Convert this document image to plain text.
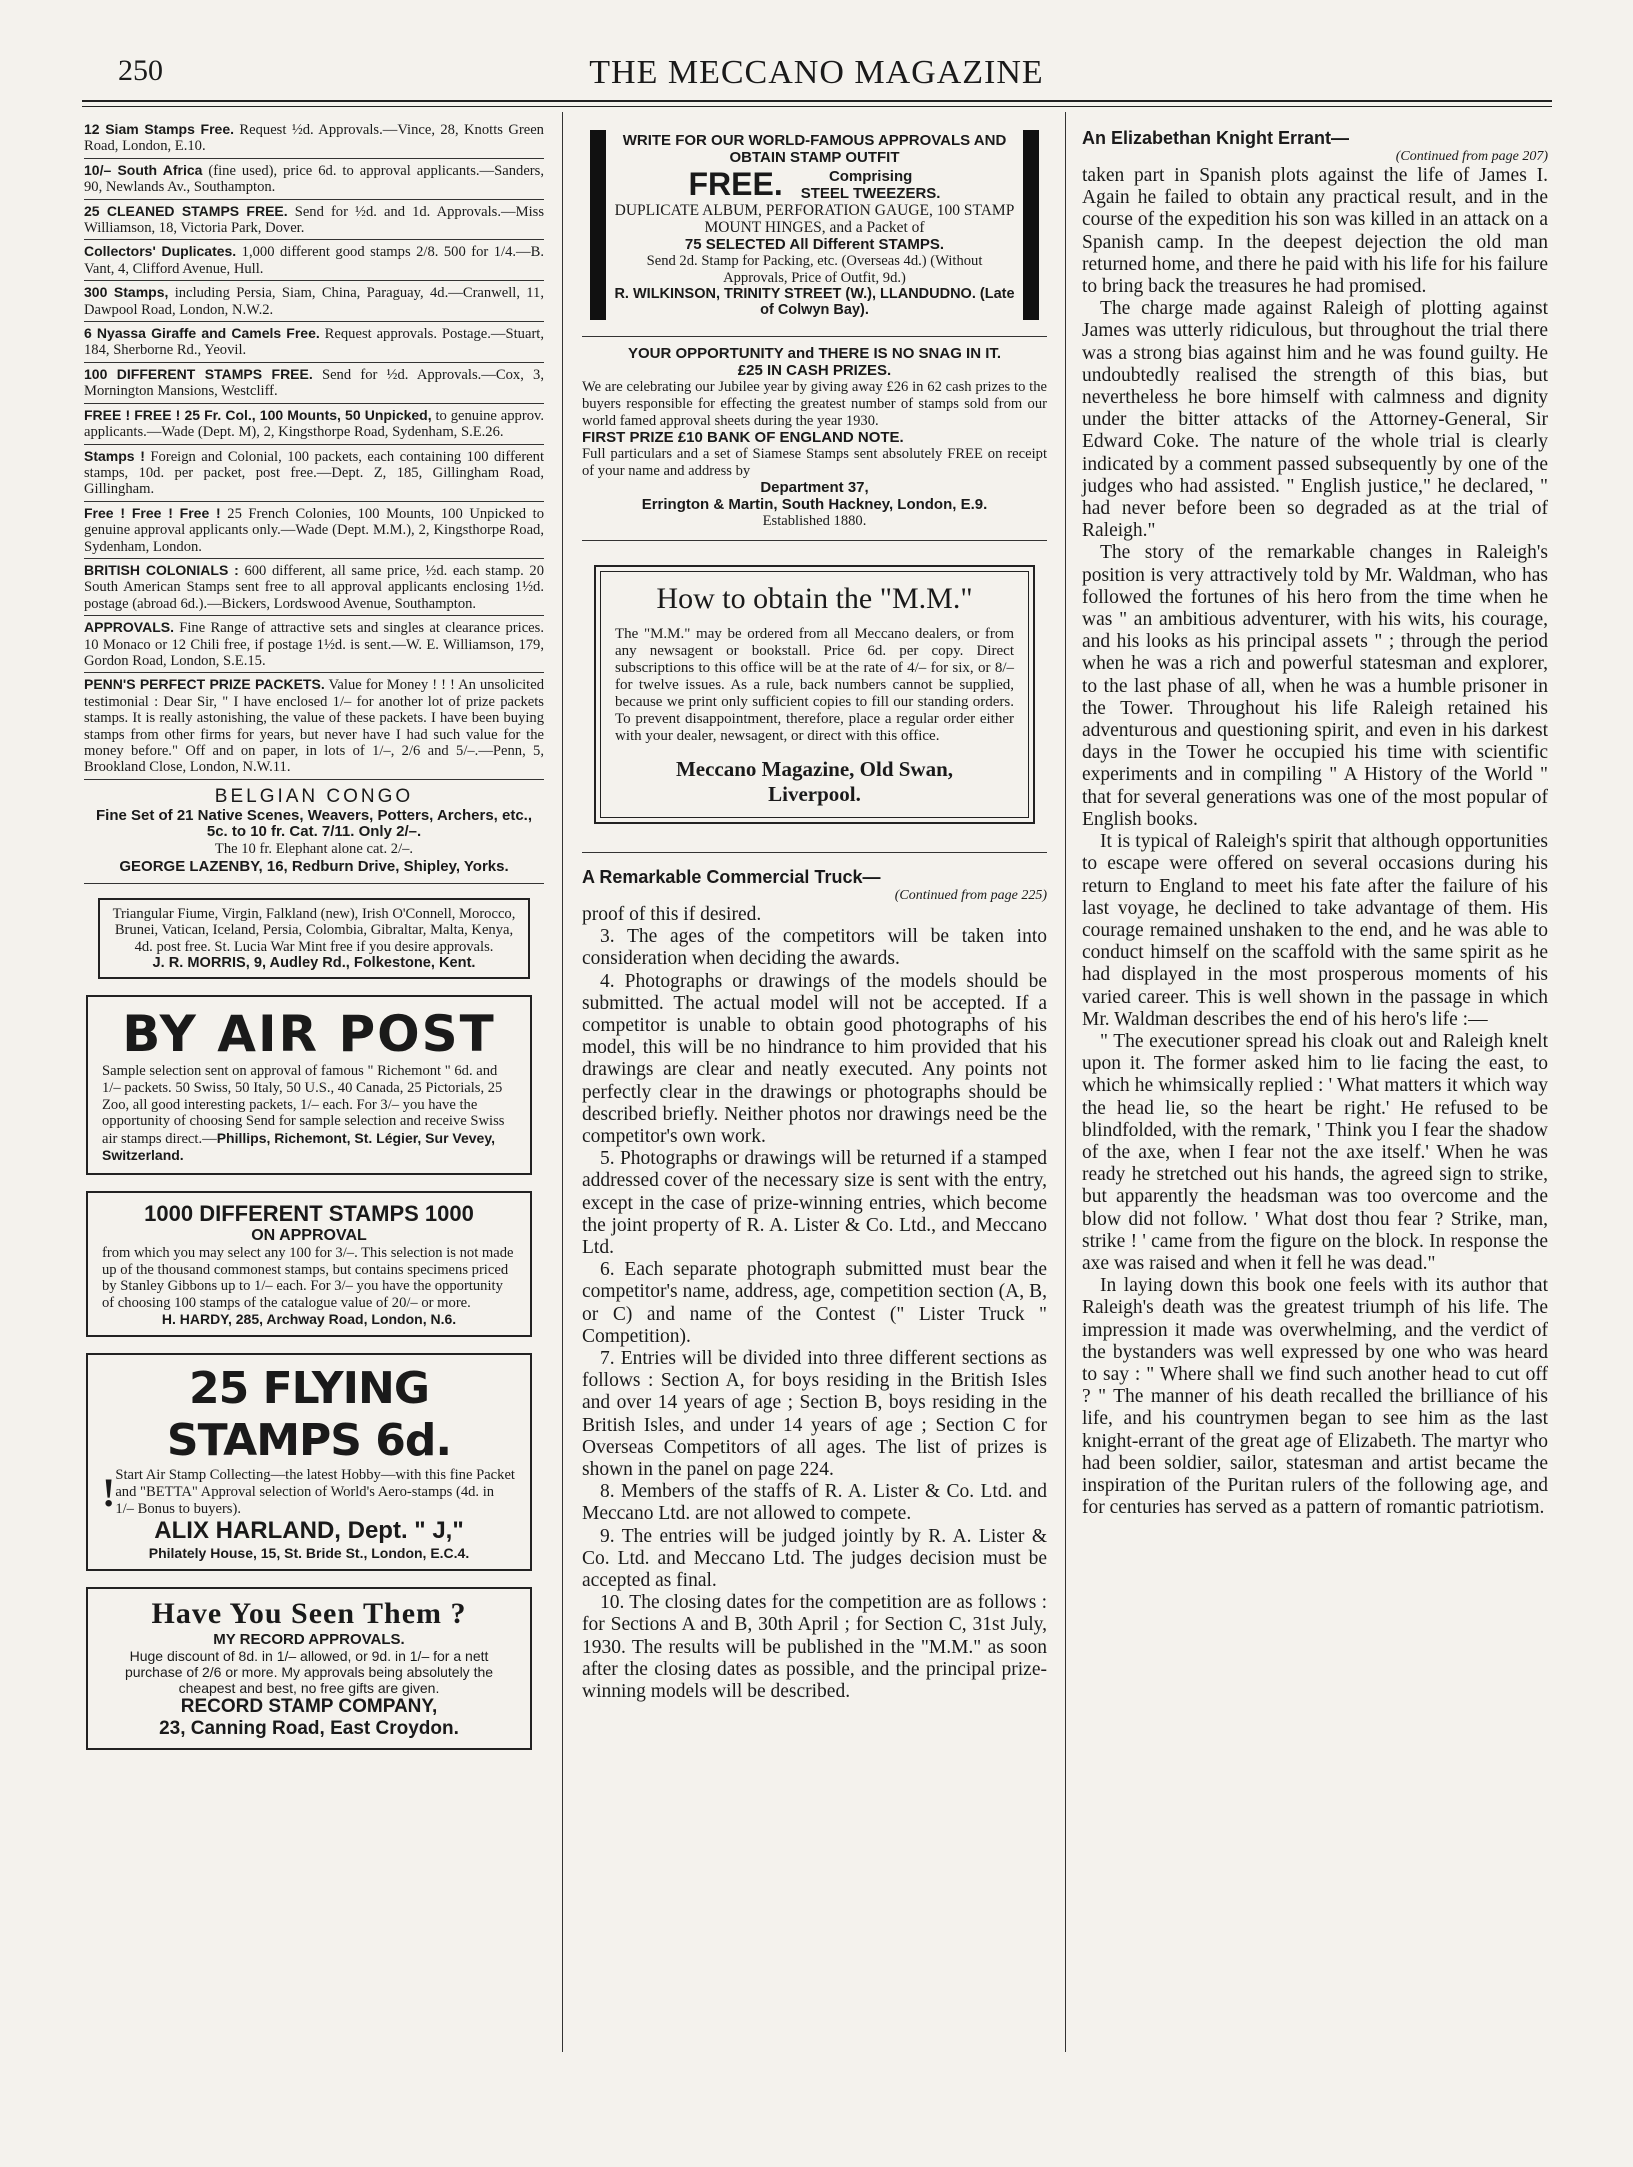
250	THE MECCANO MAGAZINE
12 Siam Stamps Free. Request ½d. Approvals.—Vince, 28, Knotts Green Road, London, E.10.
10/– South Africa (fine used), price 6d. to approval applicants.—Sanders, 90, Newlands Av., Southampton.
25 CLEANED STAMPS FREE. Send for ½d. and 1d. Approvals.—Miss Williamson, 18, Victoria Park, Dover.
Collectors' Duplicates. 1,000 different good stamps 2/8. 500 for 1/4.—B. Vant, 4, Clifford Avenue, Hull.
300 Stamps, including Persia, Siam, China, Paraguay, 4d.—Cranwell, 11, Dawpool Road, London, N.W.2.
6 Nyassa Giraffe and Camels Free. Request approvals. Postage.—Stuart, 184, Sherborne Rd., Yeovil.
100 DIFFERENT STAMPS FREE. Send for ½d. Approvals.—Cox, 3, Mornington Mansions, Westcliff.
FREE ! FREE ! 25 Fr. Col., 100 Mounts, 50 Unpicked, to genuine approv. applicants.—Wade (Dept. M), 2, Kingsthorpe Road, Sydenham, S.E.26.
Stamps ! Foreign and Colonial, 100 packets, each containing 100 different stamps, 10d. per packet, post free.—Dept. Z, 185, Gillingham Road, Gillingham.
Free ! Free ! Free ! 25 French Colonies, 100 Mounts, 100 Unpicked to genuine approval applicants only.—Wade (Dept. M.M.), 2, Kingsthorpe Road, Sydenham, London.
BRITISH COLONIALS : 600 different, all same price, ½d. each stamp. 20 South American Stamps sent free to all approval applicants enclosing 1½d. postage (abroad 6d.).—Bickers, Lordswood Avenue, Southampton.
APPROVALS. Fine Range of attractive sets and singles at clearance prices. 10 Monaco or 12 Chili free, if postage 1½d. is sent.—W. E. Williamson, 179, Gordon Road, London, S.E.15.
PENN'S PERFECT PRIZE PACKETS. Value for Money ! ! ! An unsolicited testimonial : Dear Sir, " I have enclosed 1/– for another lot of prize packets stamps. It is really astonishing, the value of these packets. I have been buying stamps from other firms for years, but never have I had such value for the money before." Off and on paper, in lots of 1/–, 2/6 and 5/–.—Penn, 5, Brookland Close, London, N.W.11.
BELGIAN CONGO
Fine Set of 21 Native Scenes, Weavers, Potters, Archers, etc., 5c. to 10 fr. Cat. 7/11. Only 2/–.
The 10 fr. Elephant alone cat. 2/–.
GEORGE LAZENBY, 16, Redburn Drive, Shipley, Yorks.
Triangular Fiume, Virgin, Falkland (new), Irish O'Connell, Morocco, Brunei, Vatican, Iceland, Persia, Colombia, Gibraltar, Malta, Kenya, 4d. post free. St. Lucia War Mint free if you desire approvals.
J. R. MORRIS, 9, Audley Rd., Folkestone, Kent.
BY AIR POST
Sample selection sent on approval of famous " Richemont " 6d. and 1/– packets. 50 Swiss, 50 Italy, 50 U.S., 40 Canada, 25 Pictorials, 25 Zoo, all good interesting packets, 1/– each. For 3/– you have the opportunity of choosing Send for sample selection and receive Swiss air stamps direct.—Phillips, Richemont, St. Légier, Sur Vevey, Switzerland.
1000 DIFFERENT STAMPS 1000
ON APPROVAL
from which you may select any 100 for 3/–. This selection is not made up of the thousand commonest stamps, but contains specimens priced by Stanley Gibbons up to 1/– each. For 3/– you have the opportunity of choosing 100 stamps of the catalogue value of 20/– or more.
H. HARDY, 285, Archway Road, London, N.6.
25 FLYING STAMPS 6d.
! Start Air Stamp Collecting—the latest Hobby—with this fine Packet and "BETTA" Approval selection of World's Aero-stamps (4d. in 1/– Bonus to buyers).
ALIX HARLAND, Dept. " J,"
Philately House, 15, St. Bride St., London, E.C.4.
Have You Seen Them ?
MY RECORD APPROVALS.
Huge discount of 8d. in 1/– allowed, or 9d. in 1/– for a nett purchase of 2/6 or more. My approvals being absolutely the cheapest and best, no free gifts are given.
RECORD STAMP COMPANY,
23, Canning Road, East Croydon.
WRITE FOR OUR WORLD-FAMOUS APPROVALS AND OBTAIN STAMP OUTFIT
FREE.	Comprising
STEEL TWEEZERS.
DUPLICATE ALBUM, PERFORATION GAUGE, 100 STAMP MOUNT HINGES, and a Packet of
75 SELECTED All Different STAMPS.
Send 2d. Stamp for Packing, etc. (Overseas 4d.) (Without Approvals, Price of Outfit, 9d.)
R. WILKINSON, TRINITY STREET (W.), LLANDUDNO. (Late of Colwyn Bay).
YOUR OPPORTUNITY and THERE IS NO SNAG IN IT.
£25 IN CASH PRIZES.
We are celebrating our Jubilee year by giving away £26 in 62 cash prizes to the buyers responsible for effecting the greatest number of stamps sold from our world famed approval sheets during the year 1930.
FIRST PRIZE £10 BANK OF ENGLAND NOTE.
Full particulars and a set of Siamese Stamps sent absolutely FREE on receipt of your name and address by
Department 37,
Errington & Martin, South Hackney, London, E.9.
Established 1880.
How to obtain the "M.M."
The "M.M." may be ordered from all Meccano dealers, or from any newsagent or bookstall. Price 6d. per copy. Direct subscriptions to this office will be at the rate of 4/– for six, or 8/– for twelve issues. As a rule, back numbers cannot be supplied, because we print only sufficient copies to fill our standing orders. To prevent disappointment, therefore, place a regular order either with your dealer, newsagent, or direct with this office.
Meccano Magazine, Old Swan,
Liverpool.
A Remarkable Commercial Truck—
(Continued from page 225)

proof of this if desired.

3. The ages of the competitors will be taken into consideration when deciding the awards.

4. Photographs or drawings of the models should be submitted. The actual model will not be accepted. If a competitor is unable to obtain good photographs of his model, this will be no hindrance to him provided that his drawings are clear and neatly executed. Any points not perfectly clear in the drawings or photographs should be described briefly. Neither photos nor drawings need be the competitor's own work.

5. Photographs or drawings will be returned if a stamped addressed cover of the necessary size is sent with the entry, except in the case of prize-winning entries, which become the joint property of R. A. Lister & Co. Ltd., and Meccano Ltd.

6. Each separate photograph submitted must bear the competitor's name, address, age, competition section (A, B, or C) and name of the Contest (" Lister Truck " Competition).

7. Entries will be divided into three different sections as follows : Section A, for boys residing in the British Isles and over 14 years of age ; Section B, boys residing in the British Isles, and under 14 years of age ; Section C for Overseas Competitors of all ages. The list of prizes is shown in the panel on page 224.

8. Members of the staffs of R. A. Lister & Co. Ltd. and Meccano Ltd. are not allowed to compete.

9. The entries will be judged jointly by R. A. Lister & Co. Ltd. and Meccano Ltd. The judges decision must be accepted as final.

10. The closing dates for the competition are as follows : for Sections A and B, 30th April ; for Section C, 31st July, 1930. The results will be published in the "M.M." as soon after the closing dates as possible, and the principal prize-winning models will be described.

An Elizabethan Knight Errant—
(Continued from page 207)

taken part in Spanish plots against the life of James I. Again he failed to obtain any practical result, and in the course of the expedition his son was killed in an attack on a Spanish camp. In the deepest dejection the old man returned home, and there he paid with his life for his failure to bring back the treasures he had promised.

The charge made against Raleigh of plotting against James was utterly ridiculous, but throughout the trial there was a strong bias against him and he was found guilty. He undoubtedly realised the strength of this bias, but nevertheless he bore himself with calmness and dignity under the bitter attacks of the Attorney-General, Sir Edward Coke. The nature of the whole trial is clearly indicated by a comment passed subsequently by one of the judges who had assisted. " English justice," he declared, " had never before been so degraded as at the trial of Raleigh."

The story of the remarkable changes in Raleigh's position is very attractively told by Mr. Waldman, who has followed the fortunes of his hero from the time when he was " an ambitious adventurer, with his wits, his courage, and his looks as his principal assets " ; through the period when he was a rich and powerful statesman and explorer, to the last phase of all, when he was a humble prisoner in the Tower. Throughout his life Raleigh retained his adventurous and questioning spirit, and even in his darkest days in the Tower he occupied his time with scientific experiments and in compiling " A History of the World " that for several generations was one of the most popular of English books.

It is typical of Raleigh's spirit that although opportunities to escape were offered on several occasions during his return to England to meet his fate after the failure of his last voyage, he declined to take advantage of them. His courage remained unshaken to the end, and he was able to conduct himself on the scaffold with the same spirit as he had displayed in the most prosperous moments of his varied career. This is well shown in the passage in which Mr. Waldman describes the end of his hero's life :—

" The executioner spread his cloak out and Raleigh knelt upon it. The former asked him to lie facing the east, to which he whimsically replied : ' What matters it which way the head lie, so the heart be right.' He refused to be blindfolded, with the remark, ' Think you I fear the shadow of the axe, when I fear not the axe itself.' When he was ready he stretched out his hands, the agreed sign to strike, but apparently the headsman was too overcome and the blow did not follow. ' What dost thou fear ? Strike, man, strike ! ' came from the figure on the block. In response the axe was raised and when it fell he was dead."

In laying down this book one feels with its author that Raleigh's death was the greatest triumph of his life. The impression it made was overwhelming, and the verdict of the bystanders was well expressed by one who was heard to say : " Where shall we find such another head to cut off ? " The manner of his death recalled the brilliance of his life, and his countrymen began to see him as the last knight-errant of the great age of Elizabeth. The martyr who had been soldier, sailor, statesman and artist became the inspiration of the Puritan rulers of the following age, and for centuries has served as a pattern of romantic patriotism.
